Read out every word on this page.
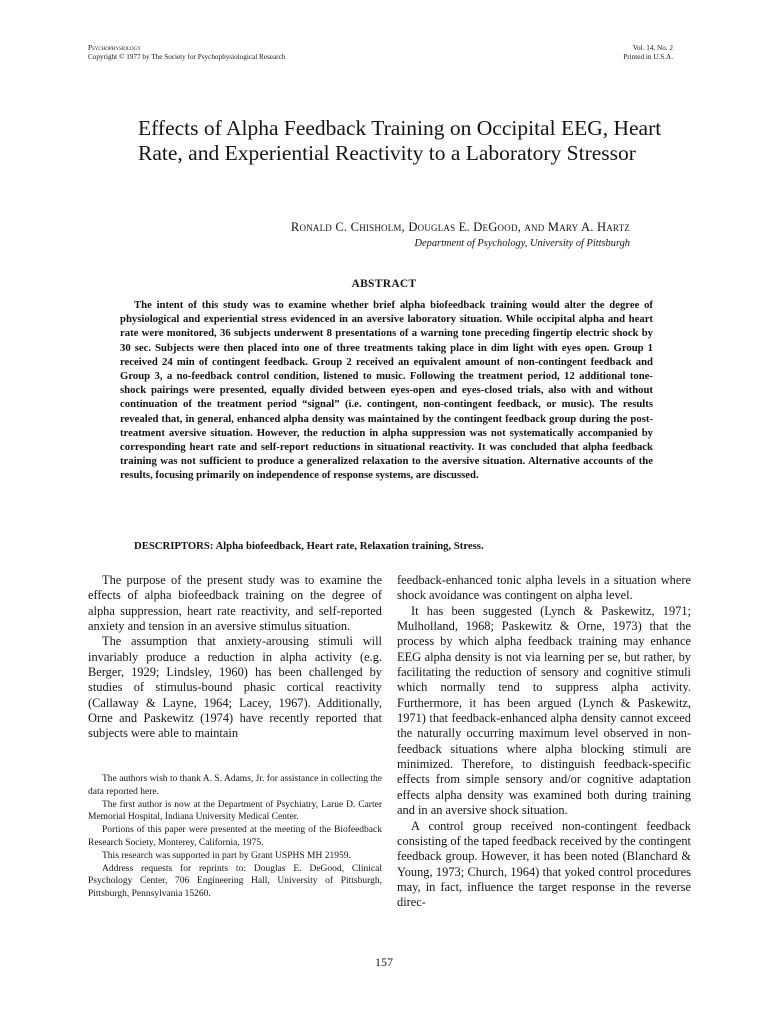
Psychophysiology
Copyright © 1977 by The Society for Psychophysiological Research
Vol. 14, No. 2
Printed in U.S.A.
Effects of Alpha Feedback Training on Occipital EEG, Heart Rate, and Experiential Reactivity to a Laboratory Stressor
Ronald C. Chisholm, Douglas E. DeGood, and Mary A. Hartz
Department of Psychology, University of Pittsburgh
ABSTRACT

The intent of this study was to examine whether brief alpha biofeedback training would alter the degree of physiological and experiential stress evidenced in an aversive laboratory situation. While occipital alpha and heart rate were monitored, 36 subjects underwent 8 presentations of a warning tone preceding fingertip electric shock by 30 sec. Subjects were then placed into one of three treatments taking place in dim light with eyes open. Group 1 received 24 min of contingent feedback. Group 2 received an equivalent amount of non-contingent feedback and Group 3, a no-feedback control condition, listened to music. Following the treatment period, 12 additional tone-shock pairings were presented, equally divided between eyes-open and eyes-closed trials, also with and without continuation of the treatment period “signal” (i.e. contingent, non-contingent feedback, or music). The results revealed that, in general, enhanced alpha density was maintained by the contingent feedback group during the post-treatment aversive situation. However, the reduction in alpha suppression was not systematically accompanied by corresponding heart rate and self-report reductions in situational reactivity. It was concluded that alpha feedback training was not sufficient to produce a generalized relaxation to the aversive situation. Alternative accounts of the results, focusing primarily on independence of response systems, are discussed.

DESCRIPTORS: Alpha biofeedback, Heart rate, Relaxation training, Stress.

The purpose of the present study was to examine the effects of alpha biofeedback training on the degree of alpha suppression, heart rate reactivity, and self-reported anxiety and tension in an aversive stimulus situation.

The assumption that anxiety-arousing stimuli will invariably produce a reduction in alpha activity (e.g. Berger, 1929; Lindsley, 1960) has been challenged by studies of stimulus-bound phasic cortical reactivity (Callaway & Layne, 1964; Lacey, 1967). Additionally, Orne and Paskewitz (1974) have recently reported that subjects were able to maintain

The authors wish to thank A. S. Adams, Jr. for assistance in collecting the data reported here.

The first author is now at the Department of Psychiatry, Larue D. Carter Memorial Hospital, Indiana University Medical Center.

Portions of this paper were presented at the meeting of the Biofeedback Research Society, Monterey, California, 1975.

This research was supported in part by Grant USPHS MH 21959.

Address requests for reprints to: Douglas E. DeGood, Clinical Psychology Center, 706 Engineering Hall, University of Pittsburgh, Pittsburgh, Pennsylvania 15260.

feedback-enhanced tonic alpha levels in a situation where shock avoidance was contingent on alpha level.

It has been suggested (Lynch & Paskewitz, 1971; Mulholland, 1968; Paskewitz & Orne, 1973) that the process by which alpha feedback training may enhance EEG alpha density is not via learning per se, but rather, by facilitating the reduction of sensory and cognitive stimuli which normally tend to suppress alpha activity. Furthermore, it has been argued (Lynch & Paskewitz, 1971) that feedback-enhanced alpha density cannot exceed the naturally occurring maximum level observed in non-feedback situations where alpha blocking stimuli are minimized. Therefore, to distinguish feedback-specific effects from simple sensory and/or cognitive adaptation effects alpha density was examined both during training and in an aversive shock situation.

A control group received non-contingent feedback consisting of the taped feedback received by the contingent feedback group. However, it has been noted (Blanchard & Young, 1973; Church, 1964) that yoked control procedures may, in fact, influence the target response in the reverse direc-

157
